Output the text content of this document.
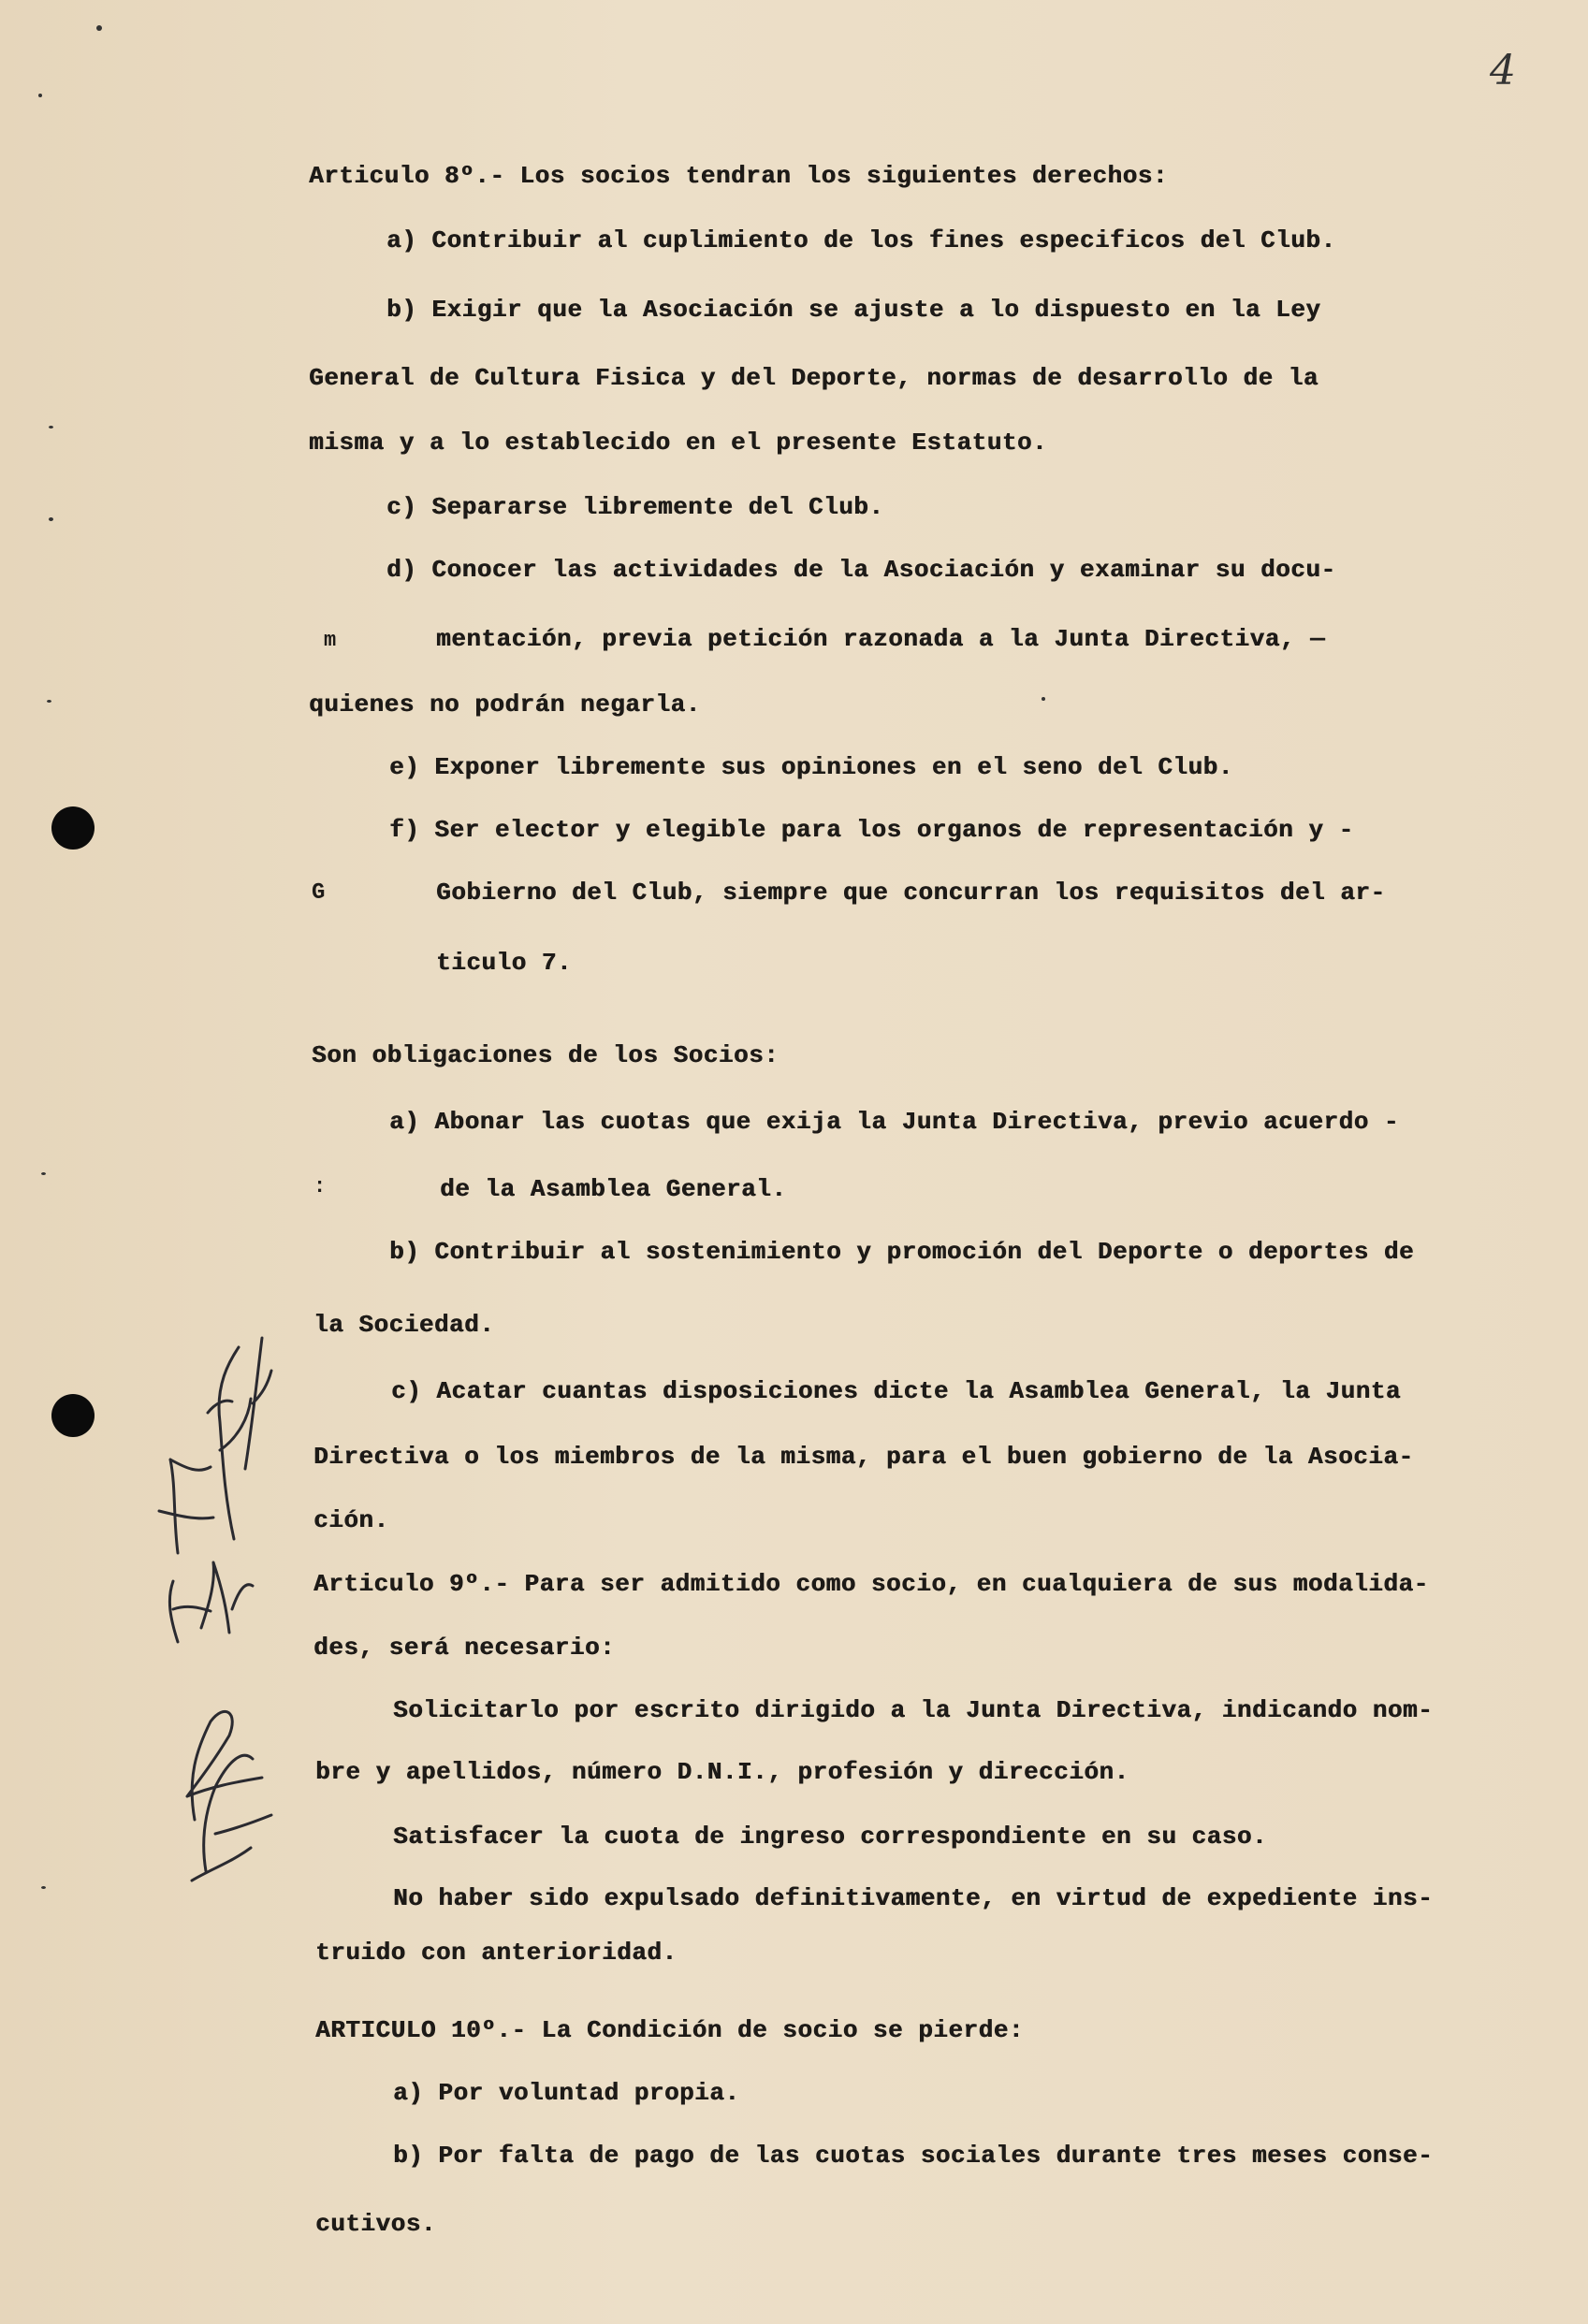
4
m
G
:
Articulo 8º.- Los socios tendran los siguientes derechos:
a) Contribuir al cuplimiento de los fines especificos del Club.
b) Exigir que la Asociación se ajuste a lo dispuesto en la Ley
General de Cultura Fisica y del Deporte, normas de desarrollo de la
misma y a lo establecido en el presente Estatuto.
c) Separarse libremente del Club.
d) Conocer las actividades de la Asociación y examinar su docu-
mentación, previa petición razonada a la Junta Directiva, —
quienes no podrán negarla.
e) Exponer libremente sus opiniones en el seno del Club.
f) Ser elector y elegible para los organos de representación y -
Gobierno del Club, siempre que concurran los requisitos del ar-
ticulo 7.
Son obligaciones de los Socios:
a) Abonar las cuotas que exija la Junta Directiva, previo acuerdo -
de la Asamblea General.
b) Contribuir al sostenimiento y promoción del Deporte o deportes de
la Sociedad.
c) Acatar cuantas disposiciones dicte la Asamblea General, la Junta
Directiva o los miembros de la misma, para el buen gobierno de la Asocia-
ción.
Articulo 9º.- Para ser admitido como socio, en cualquiera de sus modalida-
des, será necesario:
Solicitarlo por escrito dirigido a la Junta Directiva, indicando nom-
bre y apellidos, número D.N.I., profesión y dirección.
Satisfacer la cuota de ingreso correspondiente en su caso.
No haber sido expulsado definitivamente, en virtud de expediente ins-
truido con anterioridad.
ARTICULO 10º.- La Condición de socio se pierde:
a) Por voluntad propia.
b) Por falta de pago de las cuotas sociales durante tres meses conse-
cutivos.
